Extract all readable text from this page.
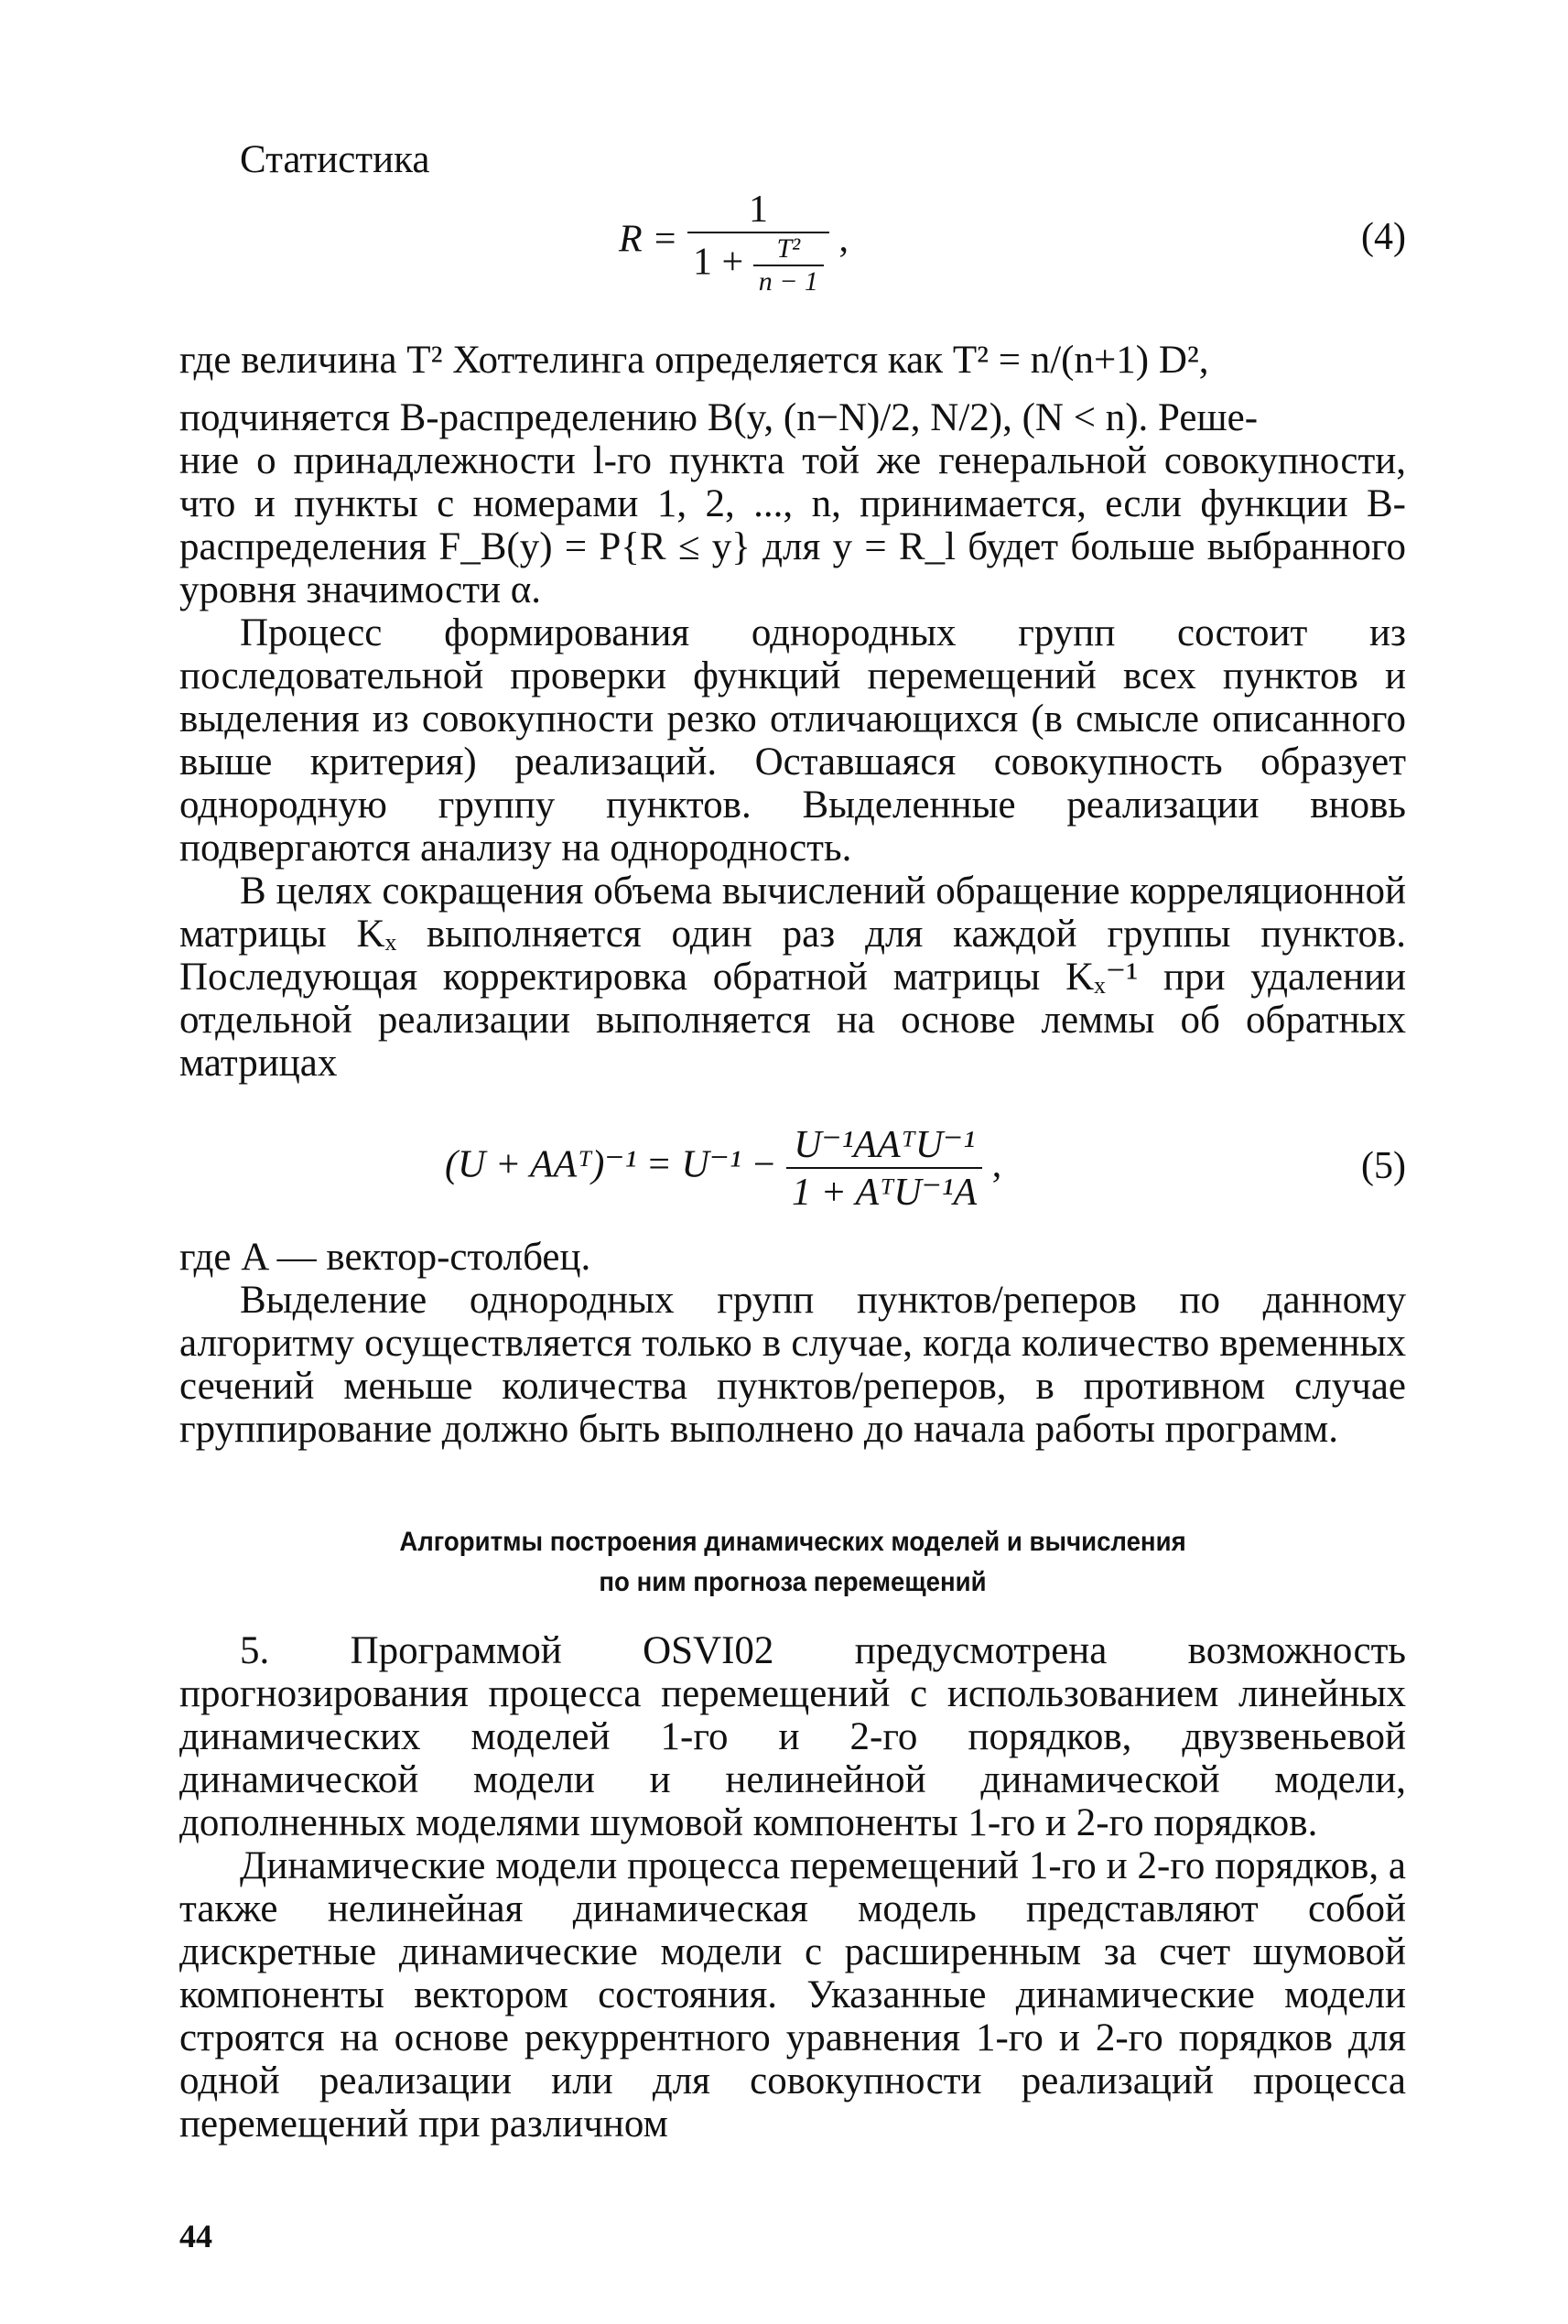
Статистика
$R = \frac{1}{1 + \frac{\text{T²}}{n - 1}}$ ,	(4)

где величина T² Хоттелинга определяется как T² = n/(n+1) D²,

подчиняется B-распределению B(y, (n−N)/2, N/2), (N < n). Реше-

ние о принадлежности l-го пункта той же генеральной совокупности, что и пункты с номерами 1, 2, ..., n, принимается, если функции B-распределения F_B(y) = P{R ≤ y} для y = R_l будет больше выбранного уровня значимости α.

Процесс формирования однородных групп состоит из последовательной проверки функций перемещений всех пунктов и выделения из совокупности резко отличающихся (в смысле описанного выше критерия) реализаций. Оставшаяся совокупность образует однородную группу пунктов. Выделенные реализации вновь подвергаются анализу на однородность.

В целях сокращения объема вычислений обращение корреляционной матрицы Kₓ выполняется один раз для каждой группы пунктов. Последующая корректировка обратной матрицы Kₓ⁻¹ при удалении отдельной реализации выполняется на основе леммы об обратных матрицах

(U + AAᵀ)⁻¹ = $U^{-1} - \frac{\text{U⁻¹AAᵀU⁻¹}}{\text{1 + AᵀU⁻¹A}}$ ,	(5)

где A — вектор-столбец.

Выделение однородных групп пунктов/реперов по данному алгоритму осуществляется только в случае, когда количество временных сечений меньше количества пунктов/реперов, в противном случае группирование должно быть выполнено до начала работы программ.

Алгоритмы построения динамических моделей и вычисления
по ним прогноза перемещений

5. Программой OSVI02 предусмотрена возможность прогнозирования процесса перемещений с использованием линейных динамических моделей 1-го и 2-го порядков, двузвеньевой динамической модели и нелинейной динамической модели, дополненных моделями шумовой компоненты 1-го и 2-го порядков.

Динамические модели процесса перемещений 1-го и 2-го порядков, а также нелинейная динамическая модель представляют собой дискретные динамические модели с расширенным за счет шумовой компоненты вектором состояния. Указанные динамические модели строятся на основе рекуррентного уравнения 1-го и 2-го порядков для одной реализации или для совокупности реализаций процесса перемещений при различном

44
